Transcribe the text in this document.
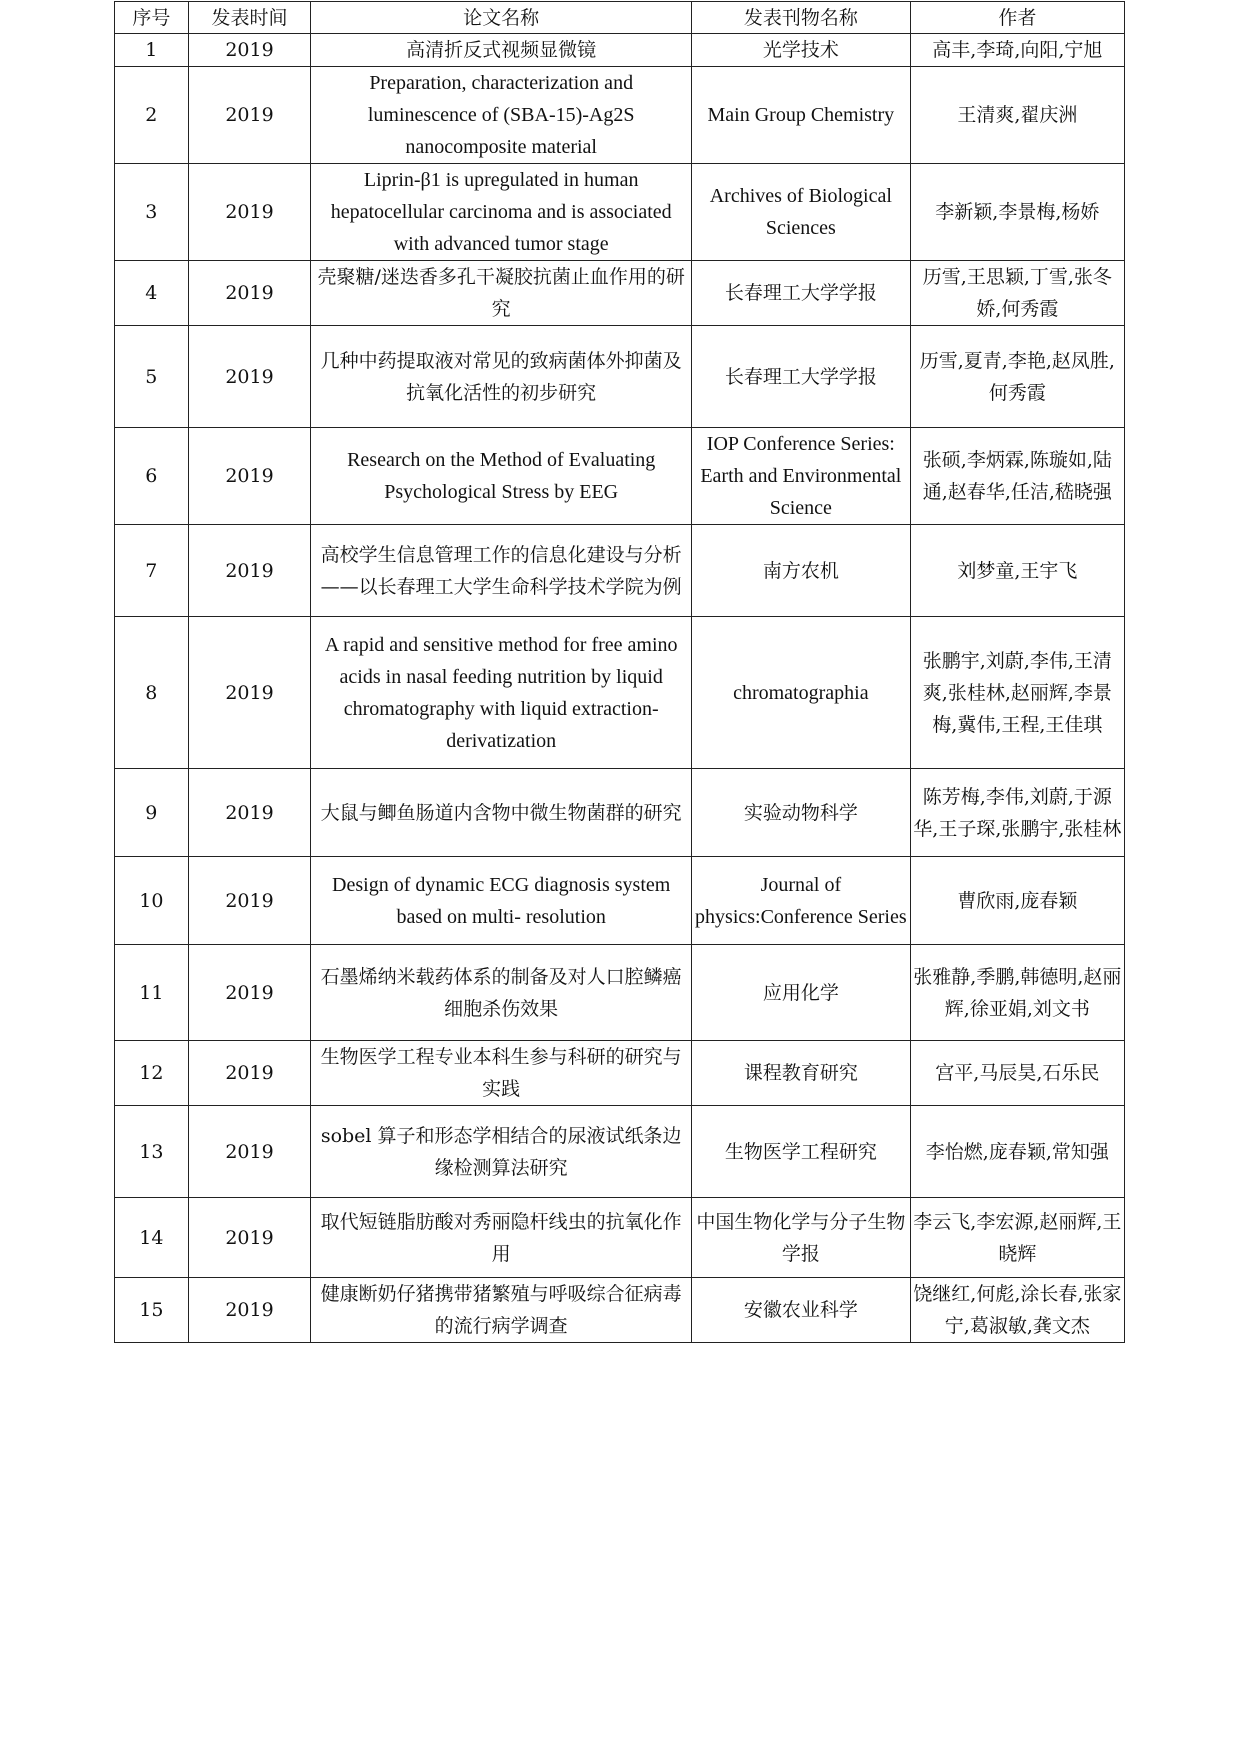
序号	发表时间	论文名称	发表刊物名称	作者
1	2019	高清折反式视频显微镜	光学技术	高丰,李琦,向阳,宁旭
2	2019	Preparation, characterization and luminescence of (SBA-15)-Ag2S nanocomposite material	Main Group Chemistry	王清爽,翟庆洲
3	2019	Liprin-β1 is upregulated in human hepatocellular carcinoma and is associated with advanced tumor stage	Archives of Biological Sciences	李新颖,李景梅,杨娇
4	2019	壳聚糖/迷迭香多孔干凝胶抗菌止血作用的研究	长春理工大学学报	历雪,王思颖,丁雪,张冬娇,何秀霞
5	2019	几种中药提取液对常见的致病菌体外抑菌及抗氧化活性的初步研究	长春理工大学学报	历雪,夏青,李艳,赵凤胜,何秀霞
6	2019	Research on the Method of Evaluating Psychological Stress by EEG	IOP Conference Series: Earth and Environmental Science	张硕,李炳霖,陈璇如,陆通,赵春华,任洁,嵇晓强
7	2019	高校学生信息管理工作的信息化建设与分析——以长春理工大学生命科学技术学院为例	南方农机	刘梦童,王宇飞
8	2019	A rapid and sensitive method for free amino acids in nasal feeding nutrition by liquid chromatography with liquid extraction-derivatization	chromatographia	张鹏宇,刘蔚,李伟,王清爽,张桂林,赵丽辉,李景梅,冀伟,王程,王佳琪
9	2019	大鼠与鲫鱼肠道内含物中微生物菌群的研究	实验动物科学	陈芳梅,李伟,刘蔚,于源华,王子琛,张鹏宇,张桂林
10	2019	Design of dynamic ECG diagnosis system based on multi- resolution	Journal of physics:Conference Series	曹欣雨,庞春颖
11	2019	石墨烯纳米载药体系的制备及对人口腔鳞癌细胞杀伤效果	应用化学	张雅静,季鹏,韩德明,赵丽辉,徐亚娟,刘文书
12	2019	生物医学工程专业本科生参与科研的研究与实践	课程教育研究	宫平,马辰昊,石乐民
13	2019	sobel 算子和形态学相结合的尿液试纸条边缘检测算法研究	生物医学工程研究	李怡燃,庞春颖,常知强
14	2019	取代短链脂肪酸对秀丽隐杆线虫的抗氧化作用	中国生物化学与分子生物学报	李云飞,李宏源,赵丽辉,王晓辉
15	2019	健康断奶仔猪携带猪繁殖与呼吸综合征病毒的流行病学调查	安徽农业科学	饶继红,何彪,涂长春,张家宁,葛淑敏,龚文杰
